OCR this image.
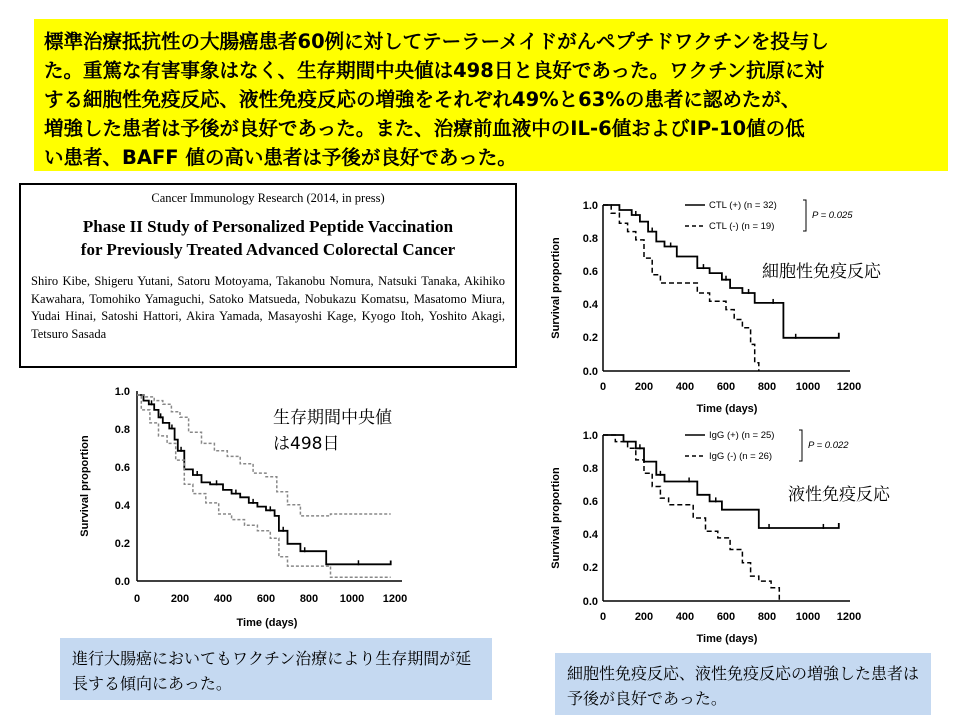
標準治療抵抗性の大腸癌患者60例に対してテーラーメイドがんペプチドワクチンを投与し
た。重篤な有害事象はなく、生存期間中央値は498日と良好であった。ワクチン抗原に対
する細胞性免疫反応、液性免疫反応の増強をそれぞれ49%と63%の患者に認めたが、
増強した患者は予後が良好であった。また、治療前血液中のIL-6値およびIP-10値の低
い患者、BAFF 値の高い患者は予後が良好であった。
Cancer Immunology Research (2014, in press)
Phase II Study of Personalized Peptide Vaccination
for Previously Treated Advanced Colorectal Cancer
Shiro Kibe, Shigeru Yutani, Satoru Motoyama, Takanobu Nomura, Natsuki Tanaka, Akihiko Kawahara, Tomohiko Yamaguchi, Satoko Matsueda, Nobukazu Komatsu, Masatomo Miura, Yudai Hinai, Satoshi Hattori, Akira Yamada, Masayoshi Kage, Kyogo Itoh, Yoshito Akagi, Tetsuro Sasada
1.0
0.8
0.6
0.4
0.2
0.0
0	200 400 600 800 1000 1200
Time (days)
Survival proportion
1.0
0.8
0.6
0.4
0.2
0.0
0	200 400 600 800 1000 1200
Time (days)
Survival proportion
CTL (+) (n = 32)
CTL (-) (n = 19)
P = 0.025
1.0
0.8
0.6
0.4
0.2
0.0
0	200 400 600 800 1000 1200
Time (days)
Survival proportion
IgG (+) (n = 25)
IgG (-) (n = 26)
P = 0.022
生存期間中央値
は498日
細胞性免疫反応
液性免疫反応
進行大腸癌においてもワクチン治療により生存期間が延長する傾向にあった。
細胞性免疫反応、液性免疫反応の増強した患者は予後が良好であった。
